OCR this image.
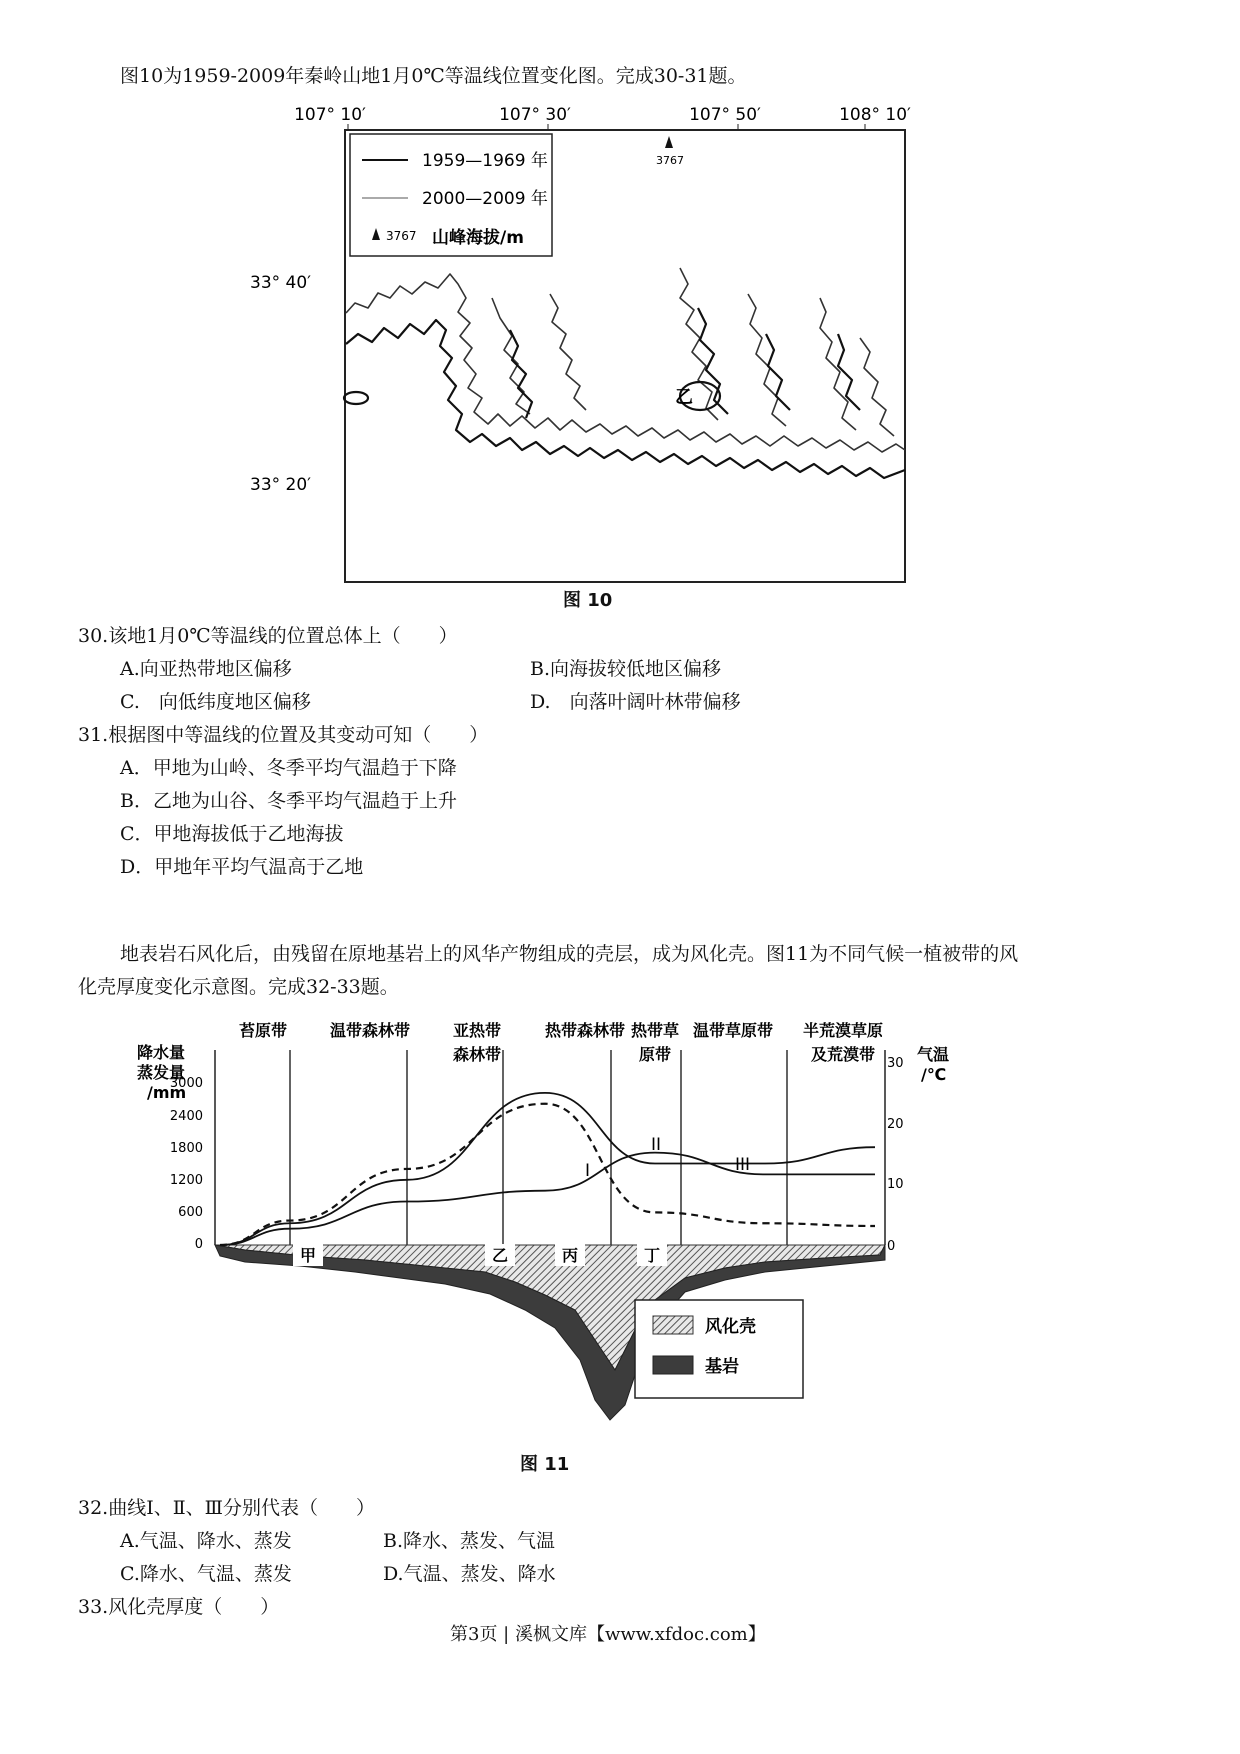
图10为1959-2009年秦岭山地1月0℃等温线位置变化图。完成30-31题。
107° 10′	107° 30′	107° 50′	108° 10′
33° 40′
33° 20′
1959—1969 年
2000—2009 年
3767 山峰海拔/m
3767
乙
图 10
30.该地1月0℃等温线的位置总体上（　　）
A.向亚热带地区偏移	B.向海拔较低地区偏移
C.　向低纬度地区偏移	D.　向落叶阔叶林带偏移
31.根据图中等温线的位置及其变动可知（　　）
A．甲地为山岭、冬季平均气温趋于下降
B．乙地为山谷、冬季平均气温趋于上升
C．甲地海拔低于乙地海拔
D．甲地年平均气温高于乙地
地表岩石风化后，由残留在原地基岩上的风华产物组成的壳层，成为风化壳。图11为不同气候一植被带的风
化壳厚度变化示意图。完成32-33题。
苔原带	温带森林带	亚热带
森林带
热带森林带 热带草
原带
温带草原带 半荒漠草原
及荒漠带
降水量
蒸发量
/mm
气温
/℃
3000
2400
1800
1200
600
0
30
20
10
0
甲	乙	丙	丁
I
II
III
风化壳
基岩
图 11
32.曲线Ⅰ、Ⅱ、Ⅲ分别代表（　　）
A.气温、降水、蒸发	B.降水、蒸发、气温
C.降水、气温、蒸发	D.气温、蒸发、降水
33.风化壳厚度（　　）
第3页 | 溪枫文库【www.xfdoc.com】
